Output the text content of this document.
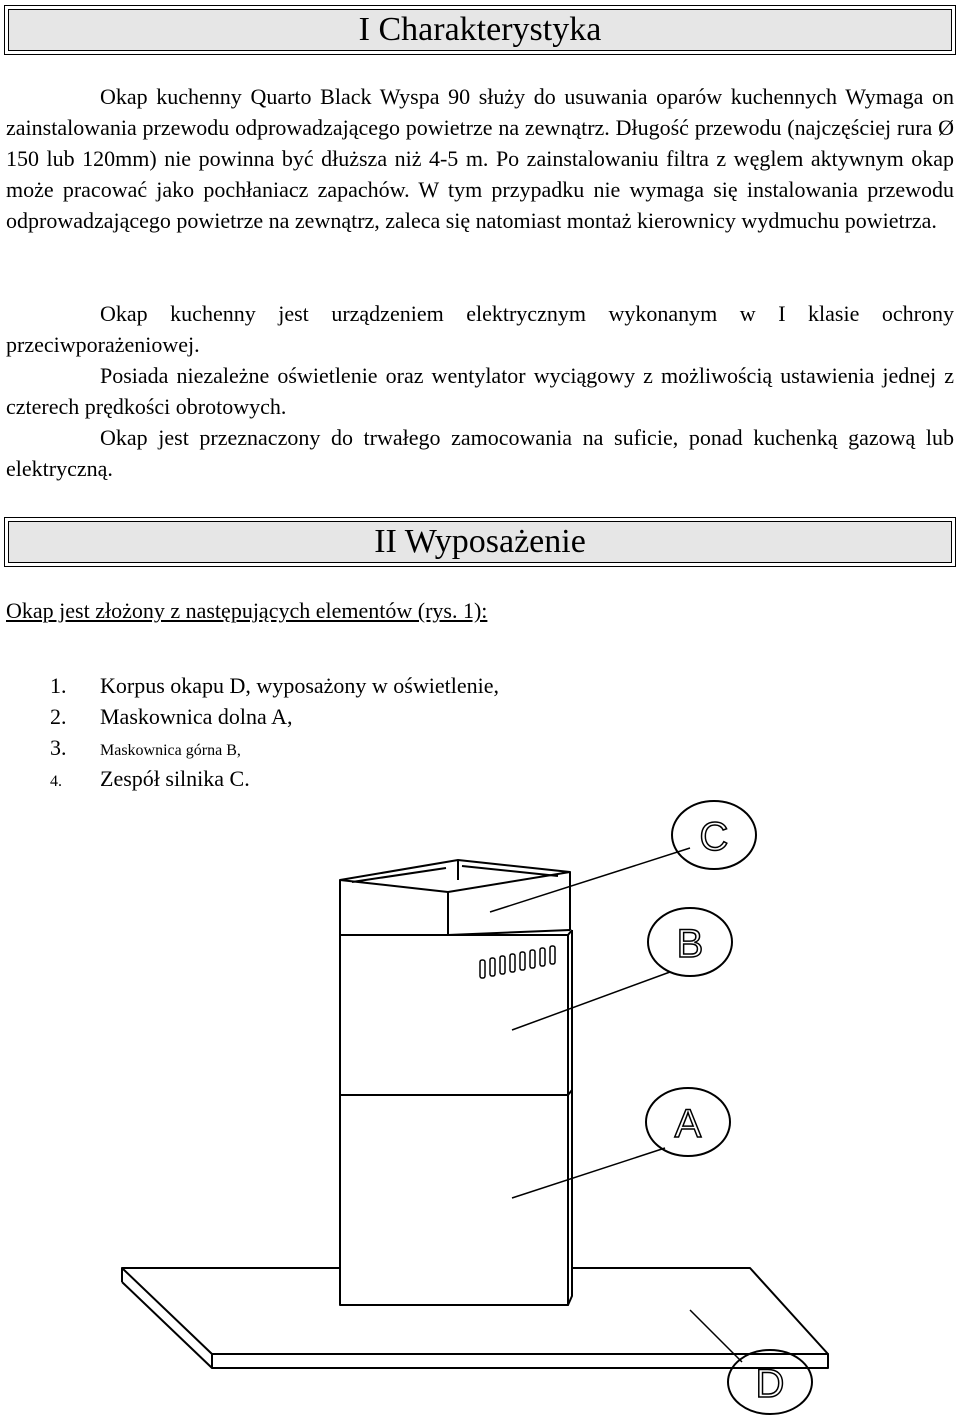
I Charakterystyka

Okap kuchenny Quarto Black Wyspa 90 służy do usuwania oparów kuchennych Wymaga on zainstalowania przewodu odprowadzającego powietrze na zewnątrz. Długość przewodu (najczęściej rura Ø 150 lub 120mm) nie powinna być dłuższa niż 4-5 m. Po zainstalowaniu filtra z węglem aktywnym okap może pracować jako pochłaniacz zapachów. W tym przypadku nie wymaga się instalowania przewodu odprowadzającego powietrze na zewnątrz, zaleca się natomiast montaż kierownicy wydmuchu powietrza.

Okap kuchenny jest urządzeniem elektrycznym wykonanym w I klasie ochrony przeciwporażeniowej.

Posiada niezależne oświetlenie oraz wentylator wyciągowy z możliwością ustawienia jednej z czterech prędkości obrotowych.

Okap jest przeznaczony do trwałego zamocowania na suficie, ponad kuchenką gazową lub elektryczną.

II Wyposażenie

Okap jest złożony z następujących elementów (rys. 1):

1. Korpus okapu D, wyposażony w oświetlenie,
2. Maskownica dolna A,
3. Maskownica górna B,
4. Zespół silnika C.
C
B
A
D
